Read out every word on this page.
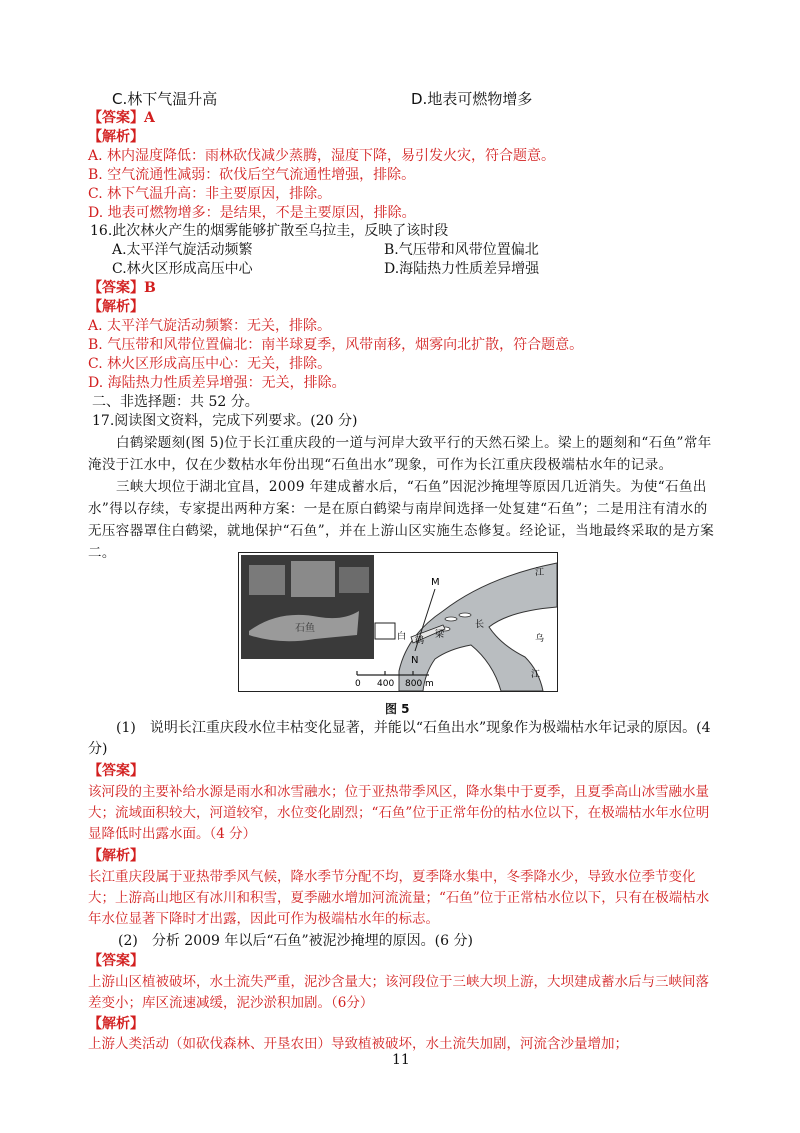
C.林下气温升高	D.地表可燃物增多
【答案】A
【解析】
A. 林内湿度降低：雨林砍伐减少蒸腾，湿度下降，易引发火灾，符合题意。
B. 空气流通性减弱：砍伐后空气流通性增强，排除。
C. 林下气温升高：非主要原因，排除。
D. 地表可燃物增多：是结果，不是主要原因，排除。
16.此次林火产生的烟雾能够扩散至乌拉圭，反映了该时段
A.太平洋气旋活动频繁	B.气压带和风带位置偏北
C.林火区形成高压中心	D.海陆热力性质差异增强
【答案】B
【解析】
A. 太平洋气旋活动频繁：无关，排除。
B. 气压带和风带位置偏北：南半球夏季，风带南移，烟雾向北扩散，符合题意。
C. 林火区形成高压中心：无关，排除。
D. 海陆热力性质差异增强：无关，排除。
二、非选择题：共 52 分。
17.阅读图文资料，完成下列要求。(20 分)
白鹤梁题刻(图 5)位于长江重庆段的一道与河岸大致平行的天然石梁上。梁上的题刻和“石鱼”常年淹没于江水中，仅在少数枯水年份出现“石鱼出水”现象，可作为长江重庆段极端枯水年的记录。
三峡大坝位于湖北宜昌，2009 年建成蓄水后，“石鱼”因泥沙掩埋等原因几近消失。为使“石鱼出水”得以存续，专家提出两种方案：一是在原白鹤梁与南岸间选择一处复建“石鱼”；二是用注有清水的无压容器罩住白鹤梁，就地保护“石鱼”，并在上游山区实施生态修复。经论证，当地最终采取的是方案二。
石鱼
M
N
白 鹤
梁
长
江
乌
江
0 400 800 m
图 5
(1)　说明长江重庆段水位丰枯变化显著，并能以“石鱼出水”现象作为极端枯水年记录的原因。(4 分)
【答案】
该河段的主要补给水源是雨水和冰雪融水；位于亚热带季风区，降水集中于夏季，且夏季高山冰雪融水量大；流域面积较大，河道较窄，水位变化剧烈；“石鱼”位于正常年份的枯水位以下，在极端枯水年水位明显降低时出露水面。（4 分）
【解析】
长江重庆段属于亚热带季风气候，降水季节分配不均，夏季降水集中，冬季降水少，导致水位季节变化大；上游高山地区有冰川和积雪，夏季融水增加河流流量；“石鱼”位于正常枯水位以下，只有在极端枯水年水位显著下降时才出露，因此可作为极端枯水年的标志。
(2)　分析 2009 年以后“石鱼”被泥沙掩埋的原因。(6 分)
【答案】
上游山区植被破坏，水土流失严重，泥沙含量大；该河段位于三峡大坝上游，大坝建成蓄水后与三峡间落差变小；库区流速减缓，泥沙淤积加剧。（6分）
【解析】
上游人类活动（如砍伐森林、开垦农田）导致植被破坏，水土流失加剧，河流含沙量增加；
11
